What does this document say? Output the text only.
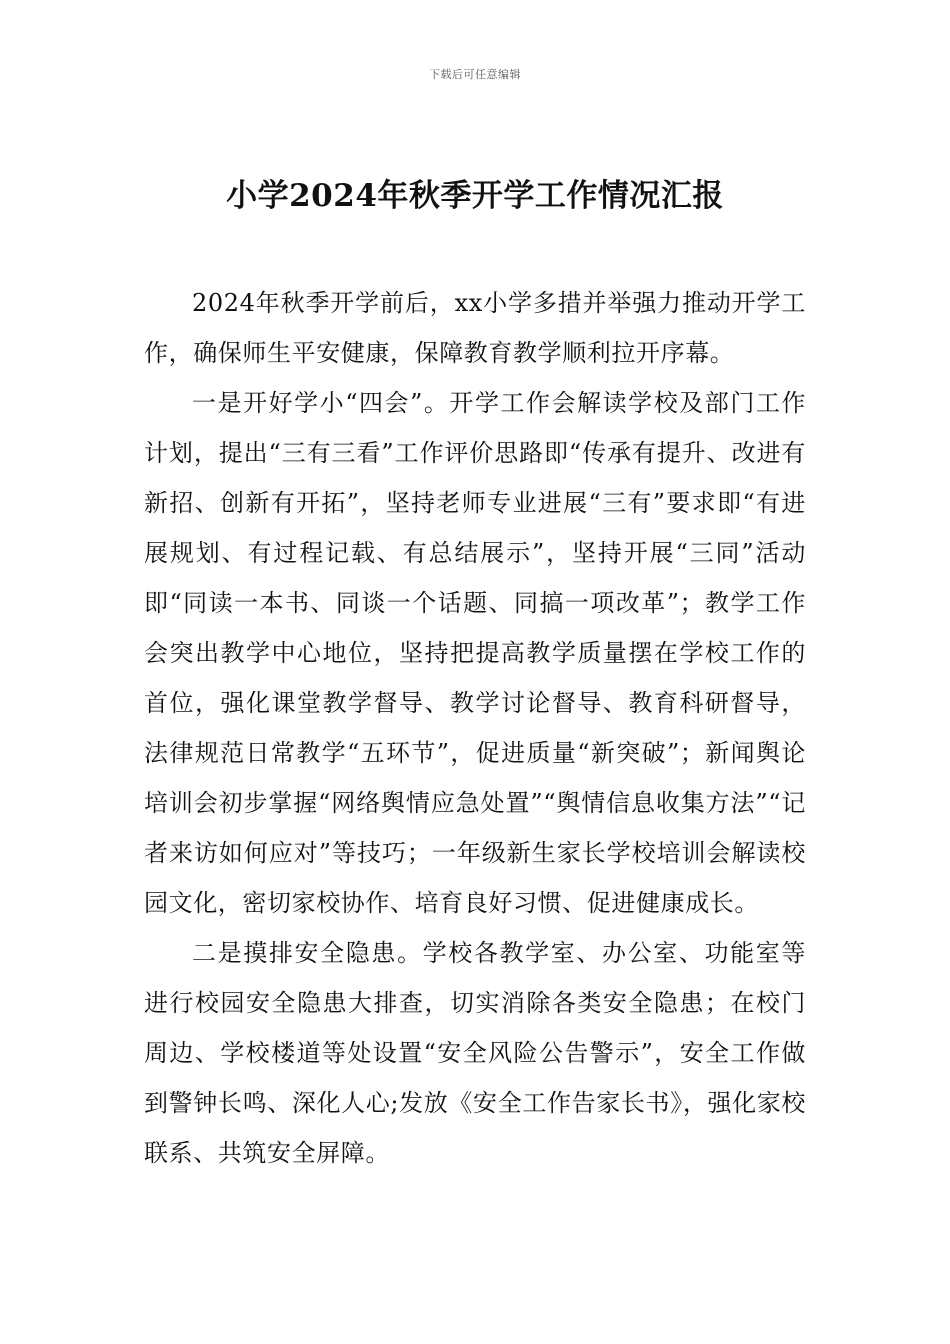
下载后可任意编辑
小学2024年秋季开学工作情况汇报

2024年秋季开学前后，xx小学多措并举强力推动开学工作，确保师生平安健康，保障教育教学顺利拉开序幕。

一是开好学小“四会”。开学工作会解读学校及部门工作计划，提出“三有三看”工作评价思路即“传承有提升、改进有新招、创新有开拓”，坚持老师专业进展“三有”要求即“有进展规划、有过程记载、有总结展示”，坚持开展“三同”活动即“同读一本书、同谈一个话题、同搞一项改革”；教学工作会突出教学中心地位，坚持把提高教学质量摆在学校工作的首位，强化课堂教学督导、教学讨论督导、教育科研督导，法律规范日常教学“五环节”，促进质量“新突破”；新闻舆论培训会初步掌握“网络舆情应急处置”“舆情信息收集方法”“记者来访如何应对”等技巧；一年级新生家长学校培训会解读校园文化，密切家校协作、培育良好习惯、促进健康成长。

二是摸排安全隐患。学校各教学室、办公室、功能室等进行校园安全隐患大排查，切实消除各类安全隐患；在校门周边、学校楼道等处设置“安全风险公告警示”，安全工作做到警钟长鸣、深化人心;发放《安全工作告家长书》，强化家校联系、共筑安全屏障。
